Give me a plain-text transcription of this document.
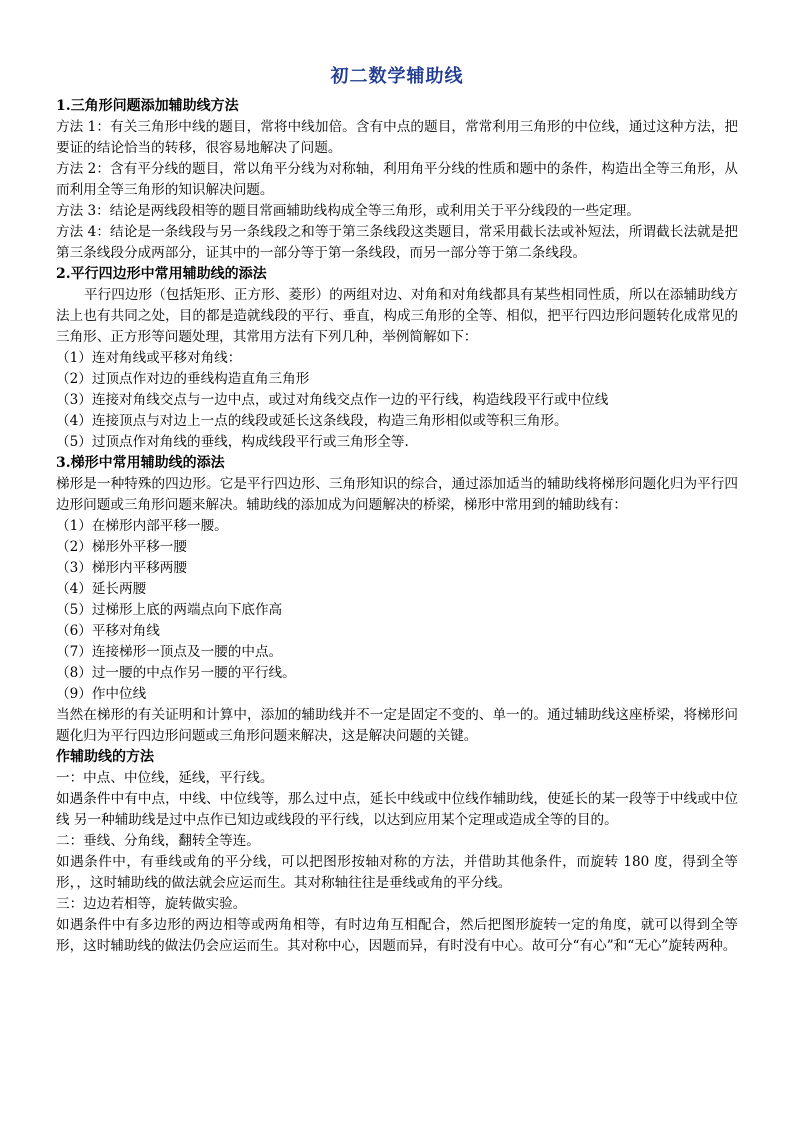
初二数学辅助线

1.三角形问题添加辅助线方法

方法 1：有关三角形中线的题目，常将中线加倍。含有中点的题目，常常利用三角形的中位线，通过这种方法，把要证的结论恰当的转移，很容易地解决了问题。

方法 2：含有平分线的题目，常以角平分线为对称轴，利用角平分线的性质和题中的条件，构造出全等三角形，从而利用全等三角形的知识解决问题。

方法 3：结论是两线段相等的题目常画辅助线构成全等三角形，或利用关于平分线段的一些定理。

方法 4：结论是一条线段与另一条线段之和等于第三条线段这类题目，常采用截长法或补短法，所谓截长法就是把第三条线段分成两部分，证其中的一部分等于第一条线段，而另一部分等于第二条线段。

2.平行四边形中常用辅助线的添法

平行四边形（包括矩形、正方形、菱形）的两组对边、对角和对角线都具有某些相同性质，所以在添辅助线方法上也有共同之处，目的都是造就线段的平行、垂直，构成三角形的全等、相似，把平行四边形问题转化成常见的三角形、正方形等问题处理，其常用方法有下列几种，举例简解如下：

（1）连对角线或平移对角线：

（2）过顶点作对边的垂线构造直角三角形

（3）连接对角线交点与一边中点，或过对角线交点作一边的平行线，构造线段平行或中位线

（4）连接顶点与对边上一点的线段或延长这条线段，构造三角形相似或等积三角形。

（5）过顶点作对角线的垂线，构成线段平行或三角形全等.

3.梯形中常用辅助线的添法

梯形是一种特殊的四边形。它是平行四边形、三角形知识的综合，通过添加适当的辅助线将梯形问题化归为平行四边形问题或三角形问题来解决。辅助线的添加成为问题解决的桥梁，梯形中常用到的辅助线有：

（1）在梯形内部平移一腰。

（2）梯形外平移一腰

（3）梯形内平移两腰

（4）延长两腰

（5）过梯形上底的两端点向下底作高

（6）平移对角线

（7）连接梯形一顶点及一腰的中点。

（8）过一腰的中点作另一腰的平行线。

（9）作中位线

当然在梯形的有关证明和计算中，添加的辅助线并不一定是固定不变的、单一的。通过辅助线这座桥梁，将梯形问题化归为平行四边形问题或三角形问题来解决，这是解决问题的关键。

作辅助线的方法

一：中点、中位线，延线，平行线。

如遇条件中有中点，中线、中位线等，那么过中点，延长中线或中位线作辅助线，使延长的某一段等于中线或中位线 另一种辅助线是过中点作已知边或线段的平行线，以达到应用某个定理或造成全等的目的。

二：垂线、分角线，翻转全等连。

如遇条件中，有垂线或角的平分线，可以把图形按轴对称的方法，并借助其他条件，而旋转 180 度，得到全等形，，这时辅助线的做法就会应运而生。其对称轴往往是垂线或角的平分线。

三：边边若相等，旋转做实验。

如遇条件中有多边形的两边相等或两角相等，有时边角互相配合，然后把图形旋转一定的角度，就可以得到全等形，这时辅助线的做法仍会应运而生。其对称中心，因题而异，有时没有中心。故可分“有心”和“无心”旋转两种。
